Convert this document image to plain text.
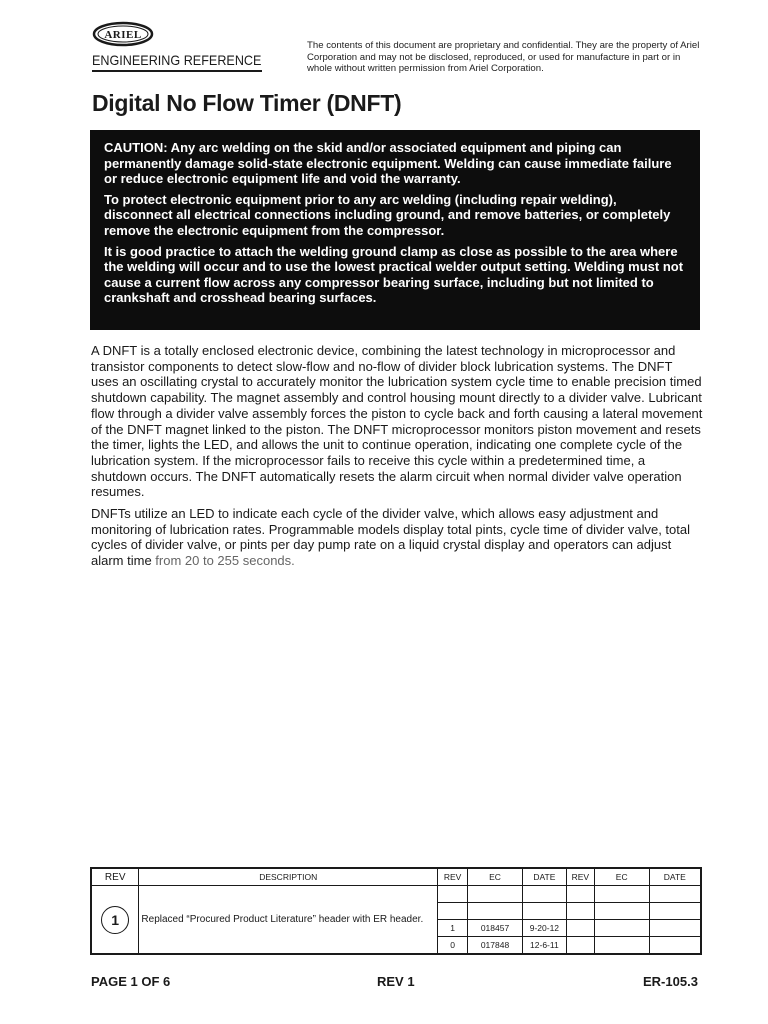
ARIEL
ENGINEERING REFERENCE
The contents of this document are proprietary and confidential. They are the property of Ariel Corporation and may not be disclosed, reproduced, or used for manufacture in part or in whole without written permission from Ariel Corporation.
Digital No Flow Timer (DNFT)

CAUTION: Any arc welding on the skid and/or associated equipment and piping can permanently damage solid-state electronic equipment. Welding can cause immediate failure or reduce electronic equipment life and void the warranty.

To protect electronic equipment prior to any arc welding (including repair welding), disconnect all electrical connections including ground, and remove batteries, or completely remove the electronic equipment from the compressor.

It is good practice to attach the welding ground clamp as close as possible to the area where the welding will occur and to use the lowest practical welder output setting. Welding must not cause a current flow across any compressor bearing surface, including but not limited to crankshaft and crosshead bearing surfaces.

A DNFT is a totally enclosed electronic device, combining the latest technology in microprocessor and transistor components to detect slow-flow and no-flow of divider block lubrication systems. The DNFT uses an oscillating crystal to accurately monitor the lubrication system cycle time to enable precision timed shutdown capability. The magnet assembly and control housing mount directly to a divider valve. Lubricant flow through a divider valve assembly forces the piston to cycle back and forth causing a lateral movement of the DNFT magnet linked to the piston. The DNFT microprocessor monitors piston movement and resets the timer, lights the LED, and allows the unit to continue operation, indicating one complete cycle of the lubrication system. If the microprocessor fails to receive this cycle within a predetermined time, a shutdown occurs. The DNFT automatically resets the alarm circuit when normal divider valve operation resumes.

DNFTs utilize an LED to indicate each cycle of the divider valve, which allows easy adjustment and monitoring of lubrication rates. Programmable models display total pints, cycle time of divider valve, total cycles of divider valve, or pints per day pump rate on a liquid crystal display and operators can adjust alarm time from 20 to 255 seconds.

REV	DESCRIPTION	REV	EC	DATE	REV	EC	DATE
1	Replaced “Procured Product Literature” header with ER header.						

		1	018457	9-20-12			
		0	017848	12-6-11			
PAGE 1 OF 6	REV 1	ER-105.3
